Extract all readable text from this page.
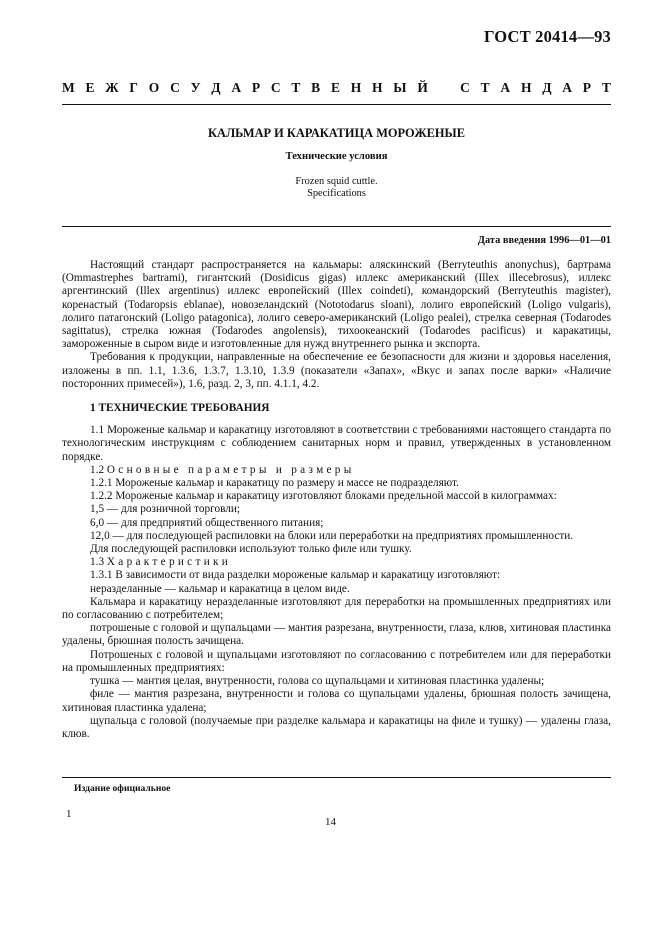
ГОСТ 20414—93
М Е Ж Г О С У Д А Р С Т В Е Н Н Ы Й С Т А Н Д А Р Т
КАЛЬМАР И КАРАКАТИЦА МОРОЖЕНЫЕ
Технические условия
Frozen squid cuttle.
Specifications
Дата введения 1996—01—01

Настоящий стандарт распространяется на кальмары: аляскинский (Berryteuthis anonychus), бартрама (Ommastrephes bartrami), гигантский (Dosidicus gigas) иллекс американский (Illex illecebrosus), иллекс аргентинский (Illex argentinus) иллекс европейский (Illex coindeti), командорский (Berryteuthis magister), коренастый (Todaropsis eblanae), новозеландский (Nototodarus sloani), лолиго европейский (Loligo vulgaris), лолиго патагонский (Loligo patagonica), лолиго северо-американский (Loligo pealei), стрелка северная (Todarodes sagittatus), стрелка южная (Todarodes angolensis), тихоокеанский (Todarodes pacificus) и каракатицы, замороженные в сыром виде и изготовленные для нужд внутреннего рынка и экспорта.

Требования к продукции, направленные на обеспечение ее безопасности для жизни и здоровья населения, изложены в пп. 1.1, 1.3.6, 1.3.7, 1.3.10, 1.3.9 (показатели «Запах», «Вкус и запах после варки» «Наличие посторонних примесей»), 1.6, разд. 2, 3, пп. 4.1.1, 4.2.

1 ТЕХНИЧЕСКИЕ ТРЕБОВАНИЯ

1.1 Мороженые кальмар и каракатицу изготовляют в соответствии с требованиями настоящего стандарта по технологическим инструкциям с соблюдением санитарных норм и правил, утвержденных в установленном порядке.

1.2 Основные параметры и размеры

1.2.1 Мороженые кальмар и каракатицу по размеру и массе не подразделяют.

1.2.2 Мороженые кальмар и каракатицу изготовляют блоками предельной массой в килограммах:

1,5 — для розничной торговли;

6,0 — для предприятий общественного питания;

12,0 — для последующей распиловки на блоки или переработки на предприятиях промышленности.

Для последующей распиловки используют только филе или тушку.

1.3 Характеристики

1.3.1 В зависимости от вида разделки мороженые кальмар и каракатицу изготовляют:

неразделанные — кальмар и каракатица в целом виде.

Кальмара и каракатицу неразделанные изготовляют для переработки на промышленных предприятиях или по согласованию с потребителем;

потрошеные с головой и щупальцами — мантия разрезана, внутренности, глаза, клюв, хитиновая пластинка удалены, брюшная полость зачищена.

Потрошеных с головой и щупальцами изготовляют по согласованию с потребителем или для переработки на промышленных предприятиях:

тушка — мантия целая, внутренности, голова со щупальцами и хитиновая пластинка удалены;

филе — мантия разрезана, внутренности и голова со щупальцами удалены, брюшная полость зачищена, хитиновая пластинка удалена;

щупальца с головой (получаемые при разделке кальмара и каракатицы на филе и тушку) — удалены глаза, клюв.

Издание официальное
1
14
